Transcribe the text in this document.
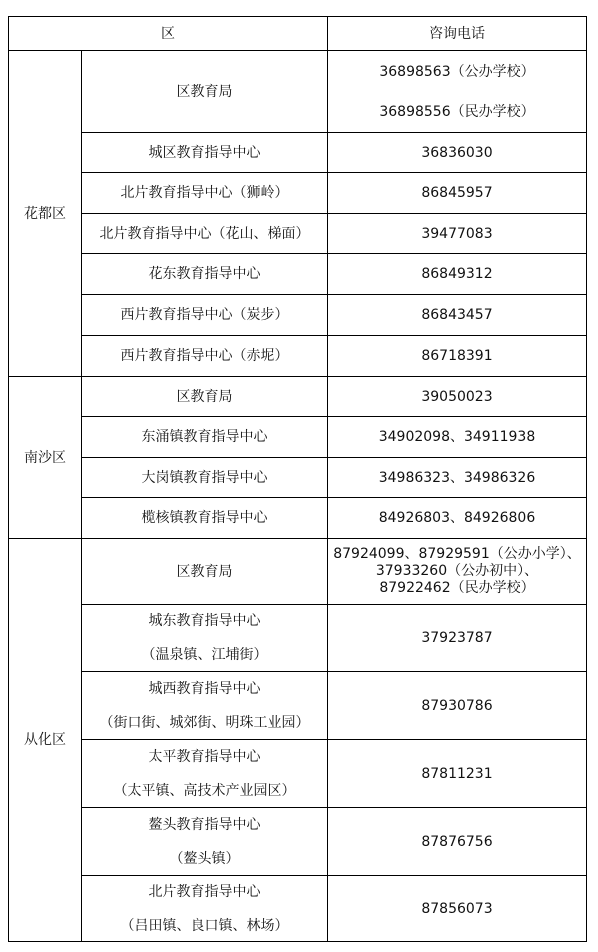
区		咨询电话
花都区	区教育局	36898563（公办学校）
36898556（民办学校）

	城区教育指导中心	36836030

	北片教育指导中心（狮岭）	86845957

	北片教育指导中心（花山、梯面）	39477083

	花东教育指导中心	86849312

	西片教育指导中心（炭步）	86843457

	西片教育指导中心（赤坭）	86718391

南沙区	区教育局	39050023

	东涌镇教育指导中心	34902098、34911938

	大岗镇教育指导中心	34986323、34986326

	榄核镇教育指导中心	84926803、84926806

从化区	区教育局	87924099、87929591（公办小学）、
37933260（公办初中）、
87922462（民办学校）

	城东教育指导中心
（温泉镇、江埔街）	37923787

	城西教育指导中心
（街口街、城郊街、明珠工业园）	87930786

	太平教育指导中心
（太平镇、高技术产业园区）	87811231

	鳌头教育指导中心
（鳌头镇）	87876756

	北片教育指导中心
（吕田镇、良口镇、林场）	87856073
